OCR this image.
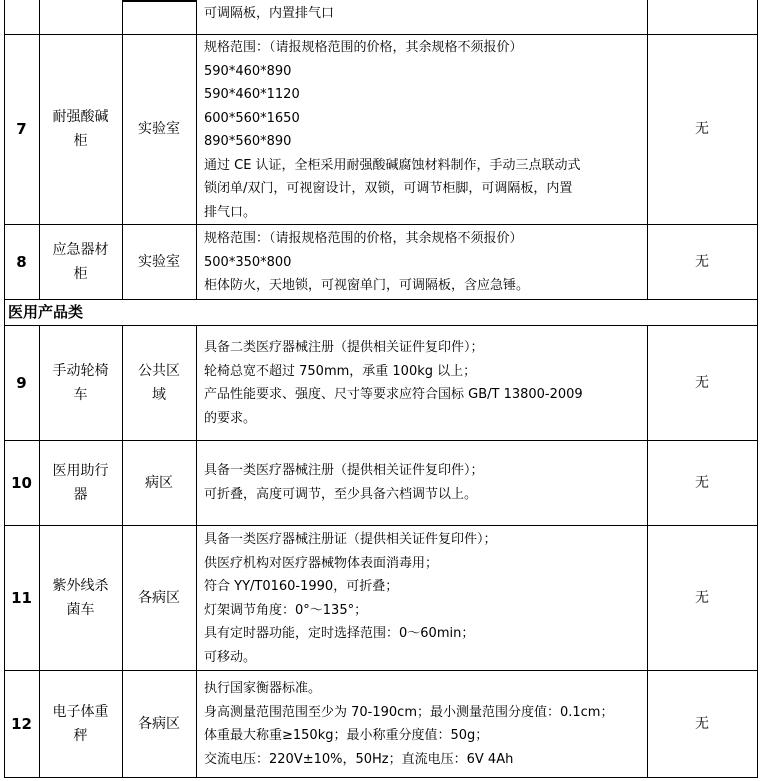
可调隔板，内置排气口
7
耐强酸碱
柜
实验室
规格范围：（请报规格范围的价格，其余规格不须报价）
590*460*890
590*460*1120
600*560*1650
890*560*890
通过 CE 认证，全柜采用耐强酸碱腐蚀材料制作，手动三点联动式
锁闭单/双门，可视窗设计，双锁，可调节柜脚，可调隔板，内置
排气口。
无
8
应急器材
柜
实验室
规格范围：（请报规格范围的价格，其余规格不须报价）
500*350*800
柜体防火，天地锁，可视窗单门，可调隔板，含应急锤。
无
医用产品类
9
手动轮椅
车
公共区
域
具备二类医疗器械注册（提供相关证件复印件）；
轮椅总宽不超过 750mm，承重 100kg 以上；
产品性能要求、强度、尺寸等要求应符合国标 GB/T 13800-2009
的要求。
无
10
医用助行
器
病区
具备一类医疗器械注册（提供相关证件复印件）；
可折叠，高度可调节，至少具备六档调节以上。
无
11
紫外线杀
菌车
各病区
具备一类医疗器械注册证（提供相关证件复印件）；
供医疗机构对医疗器械物体表面消毒用；
符合 YY/T0160-1990，可折叠；
灯架调节角度：0°～135°；
具有定时器功能，定时选择范围：0～60min；
可移动。
无
12
电子体重
秤
各病区
执行国家衡器标准。
身高测量范围范围至少为 70-190cm；最小测量范围分度值：0.1cm；
体重最大称重≥150kg；最小称重分度值：50g；
交流电压：220V±10%，50Hz；直流电压：6V 4Ah
无
